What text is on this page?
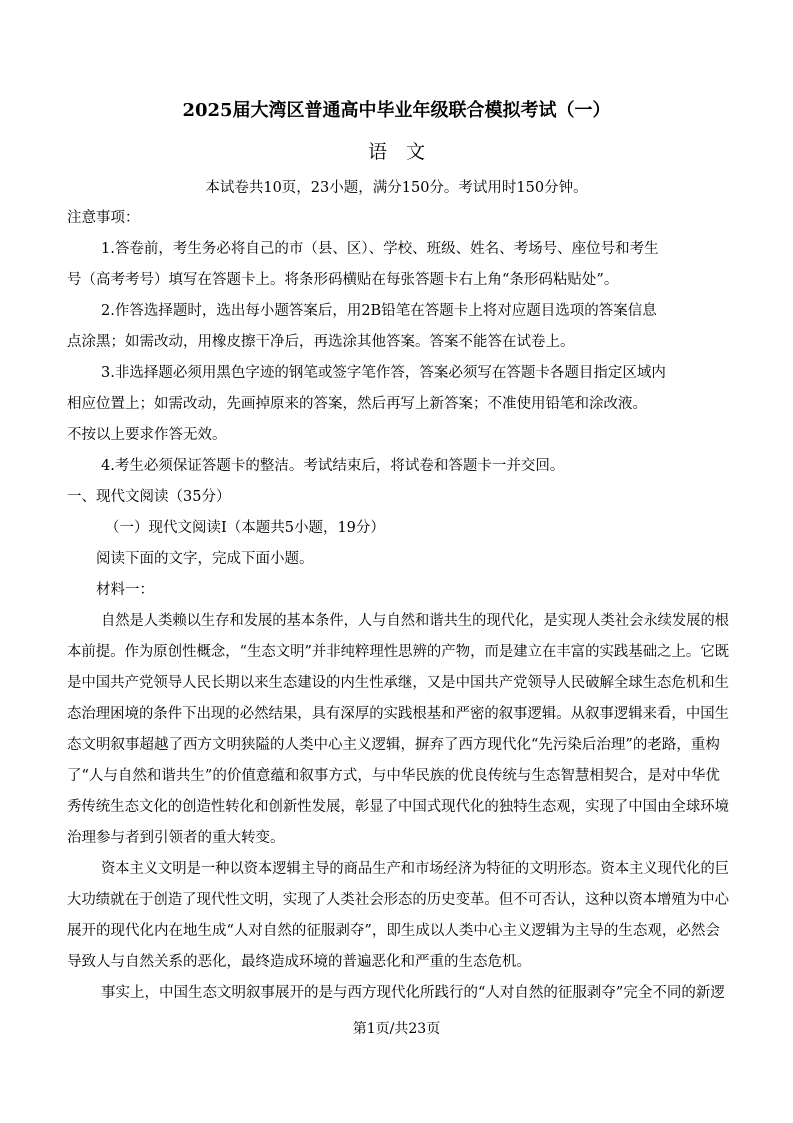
2025届大湾区普通高中毕业年级联合模拟考试（一）
语　文
本试卷共10页，23小题，满分150分。考试用时150分钟。
注意事项：
1.答卷前，考生务必将自己的市（县、区）、学校、班级、姓名、考场号、座位号和考生
号（高考考号）填写在答题卡上。将条形码横贴在每张答题卡右上角“条形码粘贴处”。
2.作答选择题时，选出每小题答案后，用2B铅笔在答题卡上将对应题目选项的答案信息
点涂黑；如需改动，用橡皮擦干净后，再选涂其他答案。答案不能答在试卷上。
3.非选择题必须用黑色字迹的钢笔或签字笔作答，答案必须写在答题卡各题目指定区域内
相应位置上；如需改动，先画掉原来的答案，然后再写上新答案；不准使用铅笔和涂改液。
不按以上要求作答无效。
4.考生必须保证答题卡的整洁。考试结束后，将试卷和答题卡一并交回。
一、现代文阅读（35分）
（一）现代文阅读Ⅰ（本题共5小题，19分）
阅读下面的文字，完成下面小题。
材料一：
自然是人类赖以生存和发展的基本条件，人与自然和谐共生的现代化，是实现人类社会永续发展的根
本前提。作为原创性概念，“生态文明”并非纯粹理性思辨的产物，而是建立在丰富的实践基础之上。它既
是中国共产党领导人民长期以来生态建设的内生性承继，又是中国共产党领导人民破解全球生态危机和生
态治理困境的条件下出现的必然结果，具有深厚的实践根基和严密的叙事逻辑。从叙事逻辑来看，中国生
态文明叙事超越了西方文明狭隘的人类中心主义逻辑，摒弃了西方现代化“先污染后治理”的老路，重构
了“人与自然和谐共生”的价值意蕴和叙事方式，与中华民族的优良传统与生态智慧相契合，是对中华优
秀传统生态文化的创造性转化和创新性发展，彰显了中国式现代化的独特生态观，实现了中国由全球环境
治理参与者到引领者的重大转变。
资本主义文明是一种以资本逻辑主导的商品生产和市场经济为特征的文明形态。资本主义现代化的巨
大功绩就在于创造了现代性文明，实现了人类社会形态的历史变革。但不可否认，这种以资本增殖为中心
展开的现代化内在地生成“人对自然的征服剥夺”，即生成以人类中心主义逻辑为主导的生态观，必然会
导致人与自然关系的恶化，最终造成环境的普遍恶化和严重的生态危机。
事实上，中国生态文明叙事展开的是与西方现代化所践行的“人对自然的征服剥夺”完全不同的新逻
第1页/共23页
